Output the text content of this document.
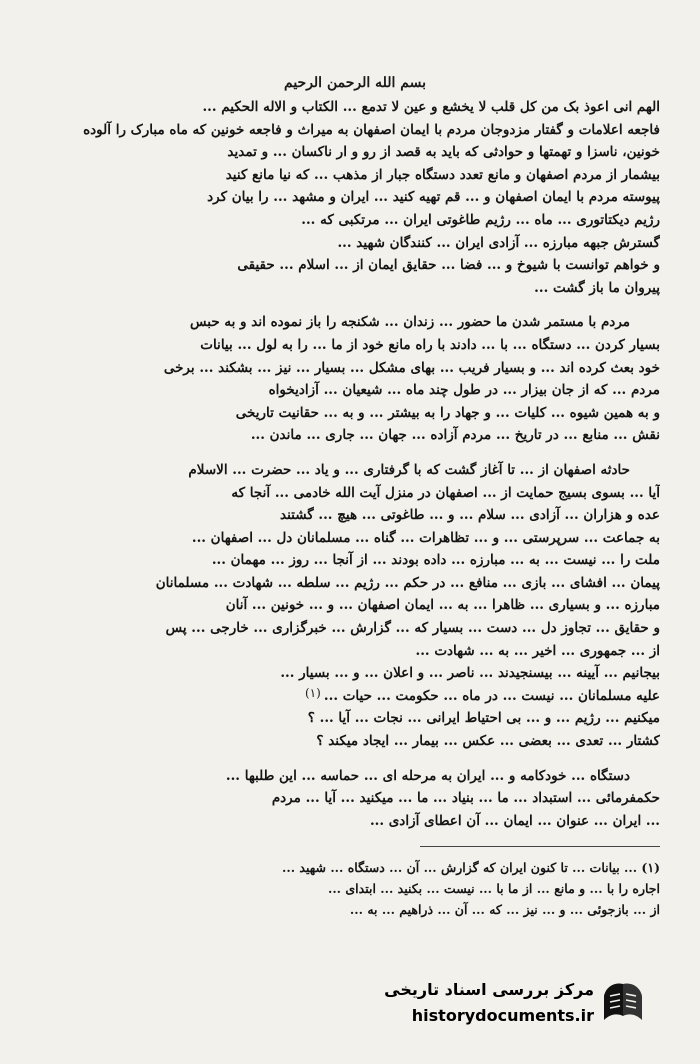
بسم الله الرحمن الرحیم
الهم انی اعوذ بک من کل قلب لا یخشع و عین لا تدمع ... الکتاب و الاله الحکیم ...
فاجعه اعلامات و گفتار مزدوجان مردم با ایمان اصفهان به میراث و فاجعه خونین که ماه مبارک را آلوده
خونین، ناسزا و تهمتها و حوادثی که باید به قصد از رو و ار ناکسان ... و تمدید
بیشمار از مردم اصفهان و مانع تعدد دستگاه جبار از مذهب ... که نیا مانع کنید
پیوسته مردم با ایمان اصفهان و ... قم تهیه کنید ... ایران و مشهد ... را بیان کرد
رژیم دیکتاتوری ... ماه ... رژیم طاغوتی ایران ... مرتکبی که ...
گسترش جبهه مبارزه ... آزادی ایران ... کنندگان شهید ...
و خواهم توانست با شیوخ و ... فضا ... حقایق ایمان از ... اسلام ... حقیقی
پیروان ما باز گشت ...
مردم با مستمر شدن ما حضور ... زندان ... شکنجه را باز نموده اند و به حبس
بسیار کردن ... دستگاه ... با ... دادند با راه مانع خود از ما ... را به لول ... بیانات
خود بعث کرده اند ... و بسیار فریب ... بهای مشکل ... بسیار ... نیز ... بشکند ... برخی
مردم ... که از جان بیزار ... در طول چند ماه ... شیعیان ... آزادیخواه
و به همین شیوه ... کلیات ... و جهاد را به بیشتر ... و به ... حقانیت تاریخی
نقش ... منابع ... در تاریخ ... مردم آزاده ... جهان ... جاری ... ماندن ...
حادثه اصفهان از ... تا آغاز گشت که با گرفتاری ... و یاد ... حضرت ... الاسلام
آیا ... بسوی بسیج حمایت از ... اصفهان در منزل آیت الله خادمی ... آنجا که
عده و هزاران ... آزادی ... سلام ... و ... طاغوتی ... هیچ ... گشتند
به جماعت ... سرپرستی ... و ... تظاهرات ... گناه ... مسلمانان دل ... اصفهان ...
ملت را ... نیست ... به ... مبارزه ... داده بودند ... از آنجا ... روز ... مهمان ...
پیمان ... افشای ... بازی ... منافع ... در حکم ... رژیم ... سلطه ... شهادت ... مسلمانان
مبارزه ... و بسیاری ... ظاهرا ... به ... ایمان اصفهان ... و ... خونین ... آنان
و حقایق ... تجاوز دل ... دست ... بسیار که ... گزارش ... خبرگزاری ... خارجی ... پس
از ... جمهوری ... اخیر ... به ... شهادت ...
بیجانیم ... آیینه ... بیسنجیدند ... ناصر ... و اعلان ... و ... بسیار ...
علیه مسلمانان ... نیست ... در ماه ... حکومت ... حیات ...
میکنیم ... رژیم ... و ... بی احتیاط ایرانی ... نجات ... آیا ... ؟
کشتار ... تعدی ... بعضی ... عکس ... بیمار ... ایجاد میکند ؟
دستگاه ... خودکامه و ... ایران به مرحله ای ... حماسه ... این طلبها ...
حکمفرمائی ... استبداد ... ما ... بنیاد ... ما ... میکنید ... آیا ... مردم
... ایران ... عنوان ... ایمان ... آن اعطای آزادی ...
(۱) ... بیانات ... تا کنون ایران که گزارش ... آن ... دستگاه ... شهید ...
اجاره را با ... و مانع ... از ما با ... نیست ... بکنید ... ابتدای ...
از ... بازجوئی ... و ... نیز ... که ... آن ... ذراهیم ... به ...
(۱)
مرکز بررسی اسناد تاریخی
historydocuments.ir
